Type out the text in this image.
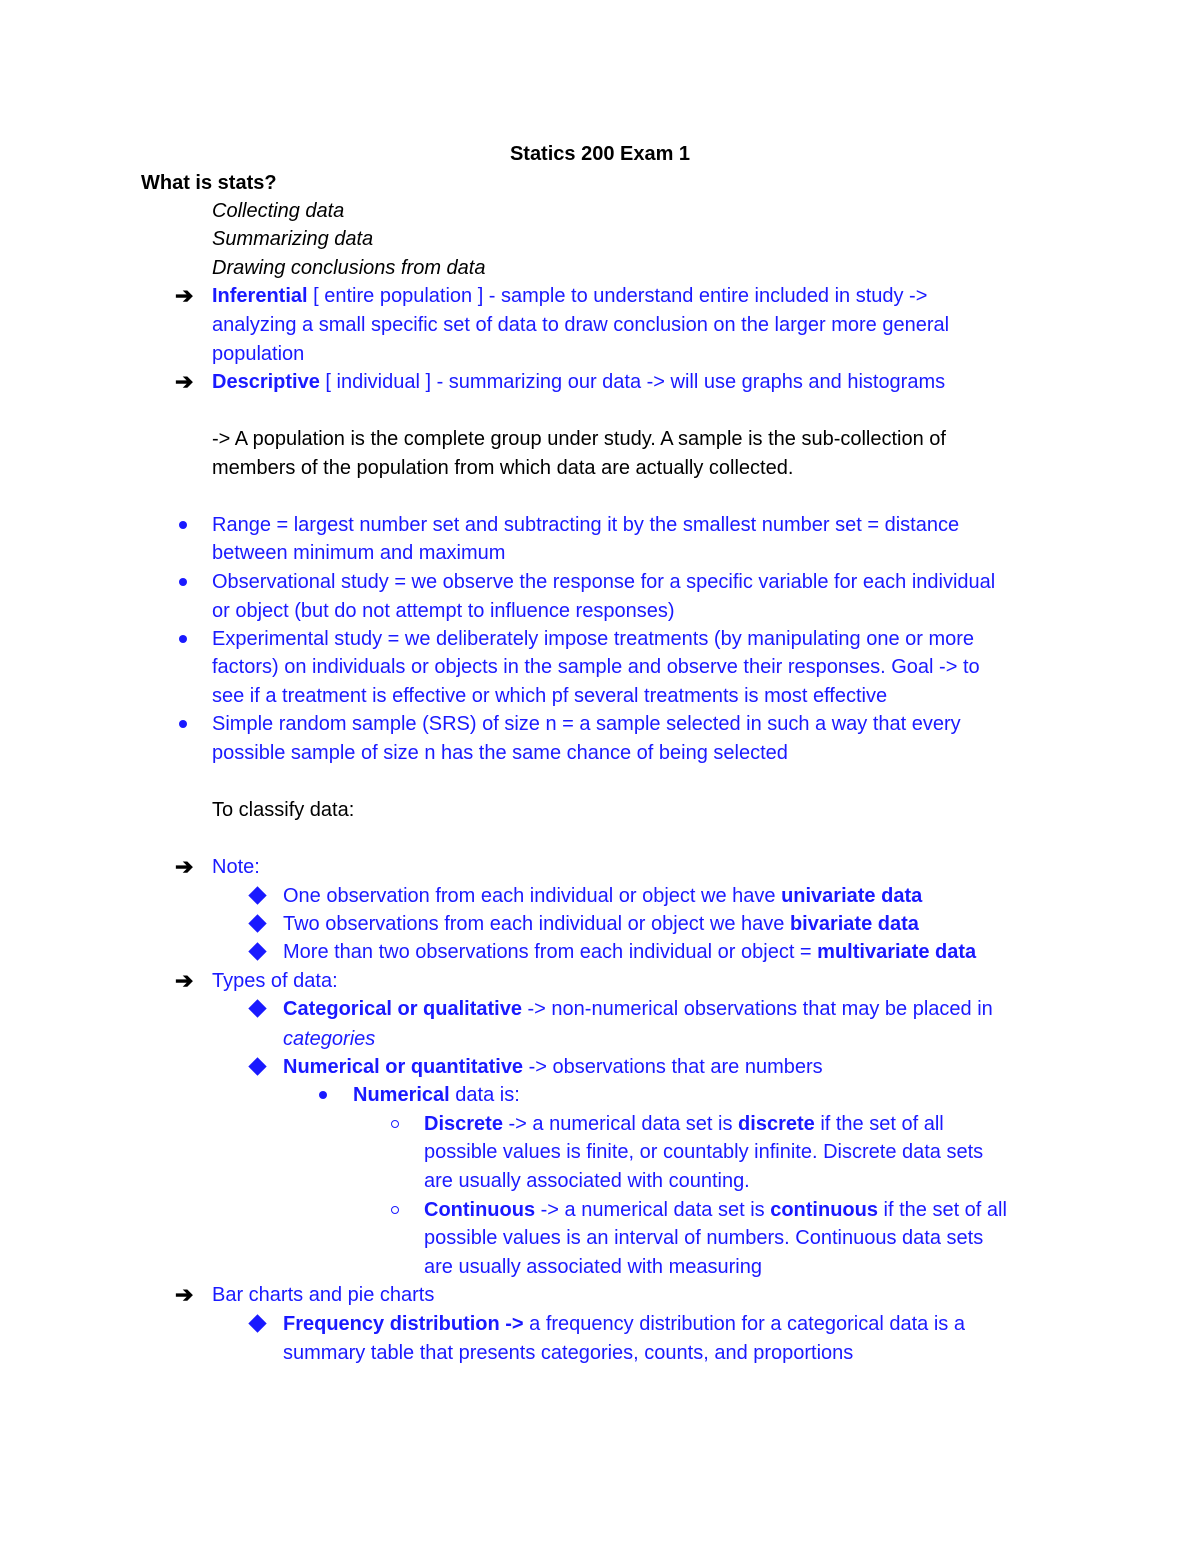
Statics 200 Exam 1
What is stats?
Collecting data
Summarizing data
Drawing conclusions from data
➔ Inferential [ entire population ] - sample to understand entire included in study ->
analyzing a small specific set of data to draw conclusion on the larger more general
population
➔ Descriptive [ individual ] - summarizing our data -> will use graphs and histograms
-> A population is the complete group under study. A sample is the sub-collection of
members of the population from which data are actually collected.
Range = largest number set and subtracting it by the smallest number set = distance
between minimum and maximum
Observational study = we observe the response for a specific variable for each individual
or object (but do not attempt to influence responses)
Experimental study = we deliberately impose treatments (by manipulating one or more
factors) on individuals or objects in the sample and observe their responses. Goal -> to
see if a treatment is effective or which pf several treatments is most effective
Simple random sample (SRS) of size n = a sample selected in such a way that every
possible sample of size n has the same chance of being selected
To classify data:
➔ Note:
One observation from each individual or object we have univariate data
Two observations from each individual or object we have bivariate data
More than two observations from each individual or object = multivariate data
➔ Types of data:
Categorical or qualitative -> non-numerical observations that may be placed in
categories
Numerical or quantitative -> observations that are numbers
Numerical data is:
Discrete -> a numerical data set is discrete if the set of all
possible values is finite, or countably infinite. Discrete data sets
are usually associated with counting.
Continuous -> a numerical data set is continuous if the set of all
possible values is an interval of numbers. Continuous data sets
are usually associated with measuring
➔ Bar charts and pie charts
Frequency distribution -> a frequency distribution for a categorical data is a
summary table that presents categories, counts, and proportions
